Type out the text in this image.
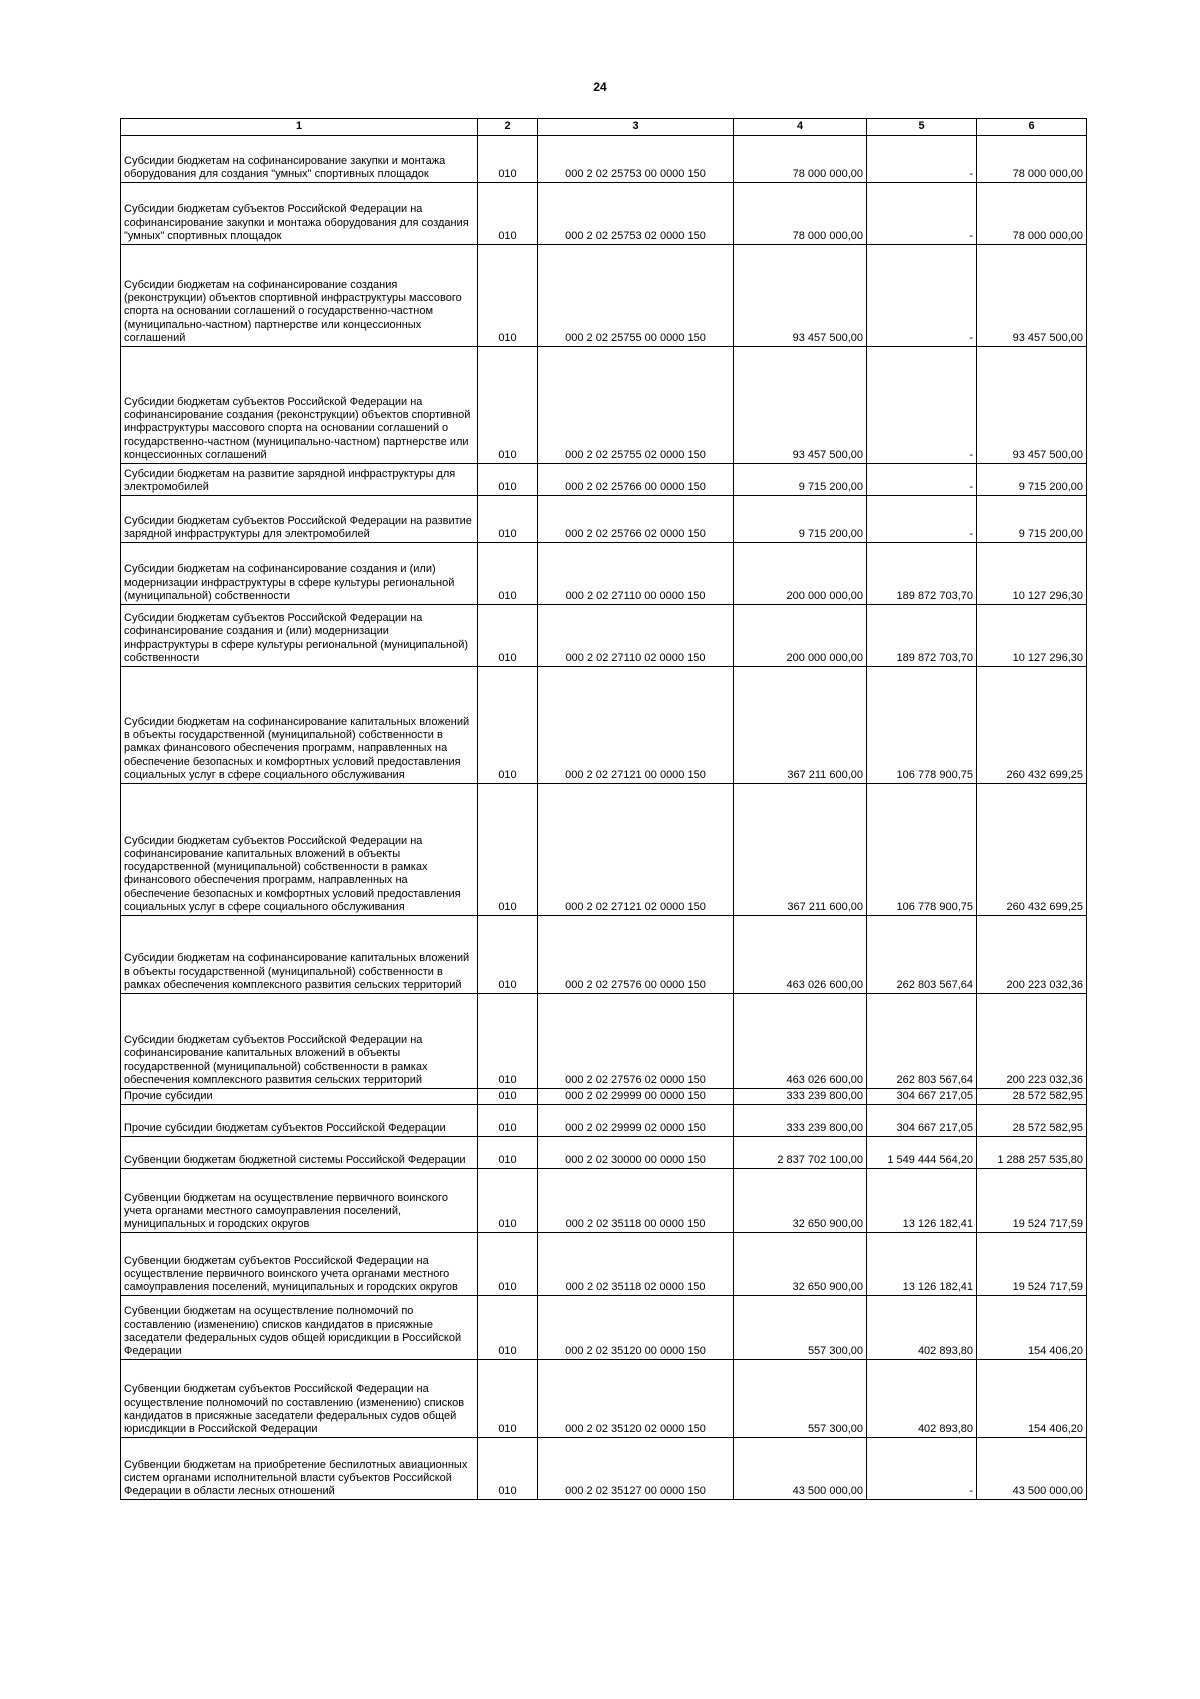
24
1	2	3	4	5	6
Субсидии бюджетам на софинансирование закупки и монтажа оборудования для создания "умных" спортивных площадок	010	000 2 02 25753 00 0000 150	78 000 000,00	-	78 000 000,00
Субсидии бюджетам субъектов Российской Федерации на софинансирование закупки и монтажа оборудования для создания "умных" спортивных площадок	010	000 2 02 25753 02 0000 150	78 000 000,00	-	78 000 000,00

Субсидии бюджетам на софинансирование создания (реконструкции) объектов спортивной инфраструктуры массового спорта на основании соглашений о государственно-частном (муниципально-частном) партнерстве или концессионных соглашений	010	000 2 02 25755 00 0000 150	93 457 500,00	-	93 457 500,00

Субсидии бюджетам субъектов Российской Федерации на софинансирование создания (реконструкции) объектов спортивной инфраструктуры массового спорта на основании соглашений о государственно-частном (муниципально-частном) партнерстве или концессионных соглашений	010	000 2 02 25755 02 0000 150	93 457 500,00	-	93 457 500,00
Субсидии бюджетам на развитие зарядной инфраструктуры для электромобилей	010	000 2 02 25766 00 0000 150	9 715 200,00	-	9 715 200,00
Субсидии бюджетам субъектов Российской Федерации на развитие зарядной инфраструктуры для электромобилей	010	000 2 02 25766 02 0000 150	9 715 200,00	-	9 715 200,00
Субсидии бюджетам на софинансирование создания и (или) модернизации инфраструктуры в сфере культуры региональной (муниципальной) собственности	010	000 2 02 27110 00 0000 150	200 000 000,00	189 872 703,70	10 127 296,30
Субсидии бюджетам субъектов Российской Федерации на софинансирование создания и (или) модернизации инфраструктуры в сфере культуры региональной (муниципальной) собственности	010	000 2 02 27110 02 0000 150	200 000 000,00	189 872 703,70	10 127 296,30
Субсидии бюджетам на софинансирование капитальных вложений в объекты государственной (муниципальной) собственности в рамках финансового обеспечения программ, направленных на обеспечение безопасных и комфортных условий предоставления социальных услуг в сфере социального обслуживания	010	000 2 02 27121 00 0000 150	367 211 600,00	106 778 900,75	260 432 699,25
Субсидии бюджетам субъектов Российской Федерации на софинансирование капитальных вложений в объекты государственной (муниципальной) собственности в рамках финансового обеспечения программ, направленных на обеспечение безопасных и комфортных условий предоставления социальных услуг в сфере социального обслуживания	010	000 2 02 27121 02 0000 150	367 211 600,00	106 778 900,75	260 432 699,25
Субсидии бюджетам на софинансирование капитальных вложений в объекты государственной (муниципальной) собственности в рамках обеспечения комплексного развития сельских территорий	010	000 2 02 27576 00 0000 150	463 026 600,00	262 803 567,64	200 223 032,36
Субсидии бюджетам субъектов Российской Федерации на софинансирование капитальных вложений в объекты государственной (муниципальной) собственности в рамках обеспечения комплексного развития сельских территорий	010	000 2 02 27576 02 0000 150	463 026 600,00	262 803 567,64	200 223 032,36
Прочие субсидии	010	000 2 02 29999 00 0000 150	333 239 800,00	304 667 217,05	28 572 582,95
Прочие субсидии бюджетам субъектов Российской Федерации	010	000 2 02 29999 02 0000 150	333 239 800,00	304 667 217,05	28 572 582,95
Субвенции бюджетам бюджетной системы Российской Федерации	010	000 2 02 30000 00 0000 150	2 837 702 100,00	1 549 444 564,20	1 288 257 535,80

Субвенции бюджетам на осуществление первичного воинского учета органами местного самоуправления поселений, муниципальных и городских округов	010	000 2 02 35118 00 0000 150	32 650 900,00	13 126 182,41	19 524 717,59
Субвенции бюджетам субъектов Российской Федерации на осуществление первичного воинского учета органами местного самоуправления поселений, муниципальных и городских округов	010	000 2 02 35118 02 0000 150	32 650 900,00	13 126 182,41	19 524 717,59
Субвенции бюджетам на осуществление полномочий по составлению (изменению) списков кандидатов в присяжные заседатели федеральных судов общей юрисдикции в Российской Федерации	010	000 2 02 35120 00 0000 150	557 300,00	402 893,80	154 406,20
Субвенции бюджетам субъектов Российской Федерации на осуществление полномочий по составлению (изменению) списков кандидатов в присяжные заседатели федеральных судов общей юрисдикции в Российской Федерации	010	000 2 02 35120 02 0000 150	557 300,00	402 893,80	154 406,20
Субвенции бюджетам на приобретение беспилотных авиационных систем органами исполнительной власти субъектов Российской Федерации в области лесных отношений	010	000 2 02 35127 00 0000 150	43 500 000,00	-	43 500 000,00
